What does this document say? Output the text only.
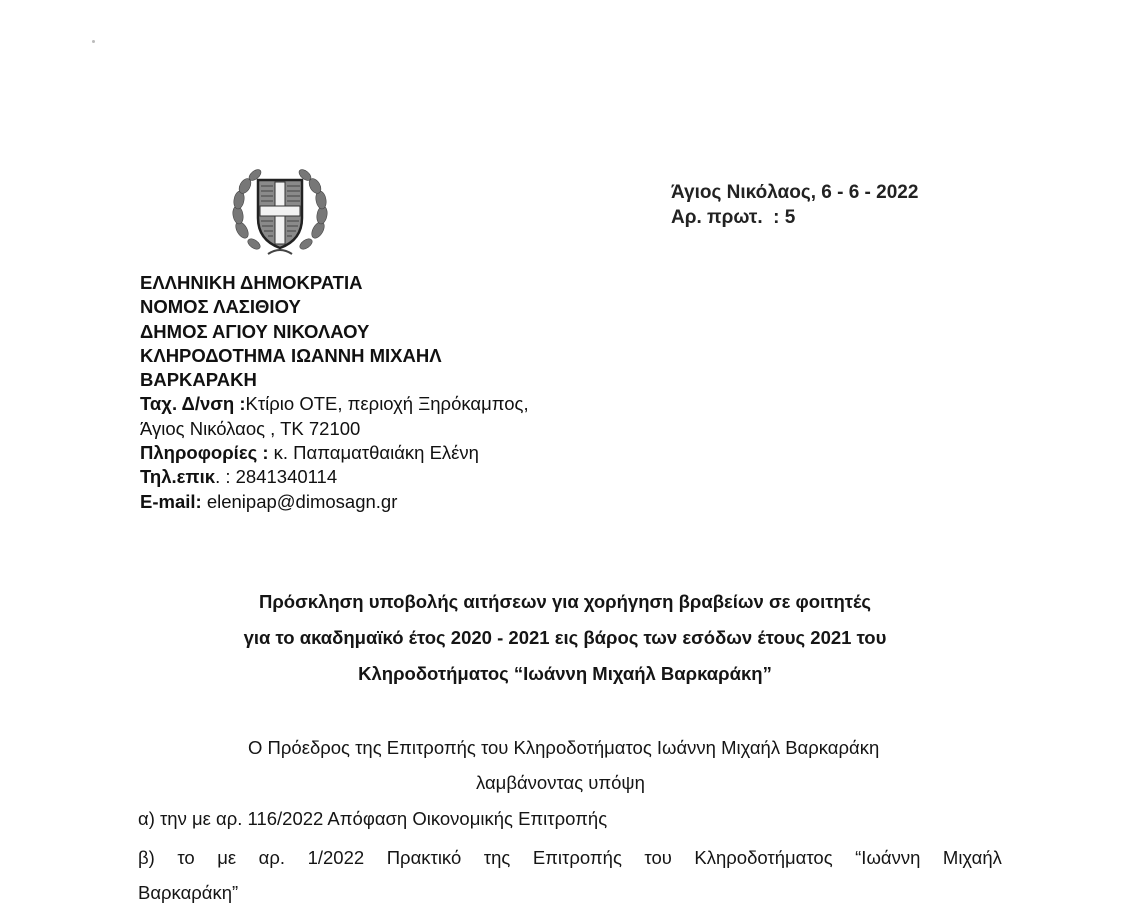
Άγιος Νικόλαος, 6 - 6 - 2022
Αρ. πρωτ.  : 5
ΕΛΛΗΝΙΚΗ ΔΗΜΟΚΡΑΤΙΑ
ΝΟΜΟΣ ΛΑΣΙΘΙΟΥ
ΔΗΜΟΣ ΑΓΙΟΥ ΝΙΚΟΛΑΟΥ
ΚΛΗΡΟΔΟΤΗΜΑ ΙΩΑΝΝΗ ΜΙΧΑΗΛ
ΒΑΡΚΑΡΑΚΗ
Ταχ. Δ/νση :Κτίριο ΟΤΕ, περιοχή Ξηρόκαμπος,
Άγιος Νικόλαος , ΤΚ 72100
Πληροφορίες : κ. Παπαματθαιάκη Ελένη
Τηλ.επικ. : 2841340114
E-mail: elenipap@dimosagn.gr
Πρόσκληση υποβολής αιτήσεων για χορήγηση βραβείων σε φοιτητές
για το ακαδημαϊκό έτος 2020 - 2021 εις βάρος των εσόδων έτους 2021 του
Κληροδοτήματος “Ιωάννη Μιχαήλ Βαρκαράκη”
Ο Πρόεδρος της Επιτροπής του Κληροδοτήματος Ιωάννη Μιχαήλ Βαρκαράκη
λαμβάνοντας υπόψη
α) την με αρ. 116/2022 Απόφαση Οικονομικής Επιτροπής
β) το με αρ. 1/2022 Πρακτικό της Επιτροπής του Κληροδοτήματος “Ιωάννη Μιχαήλ
Βαρκαράκη”
